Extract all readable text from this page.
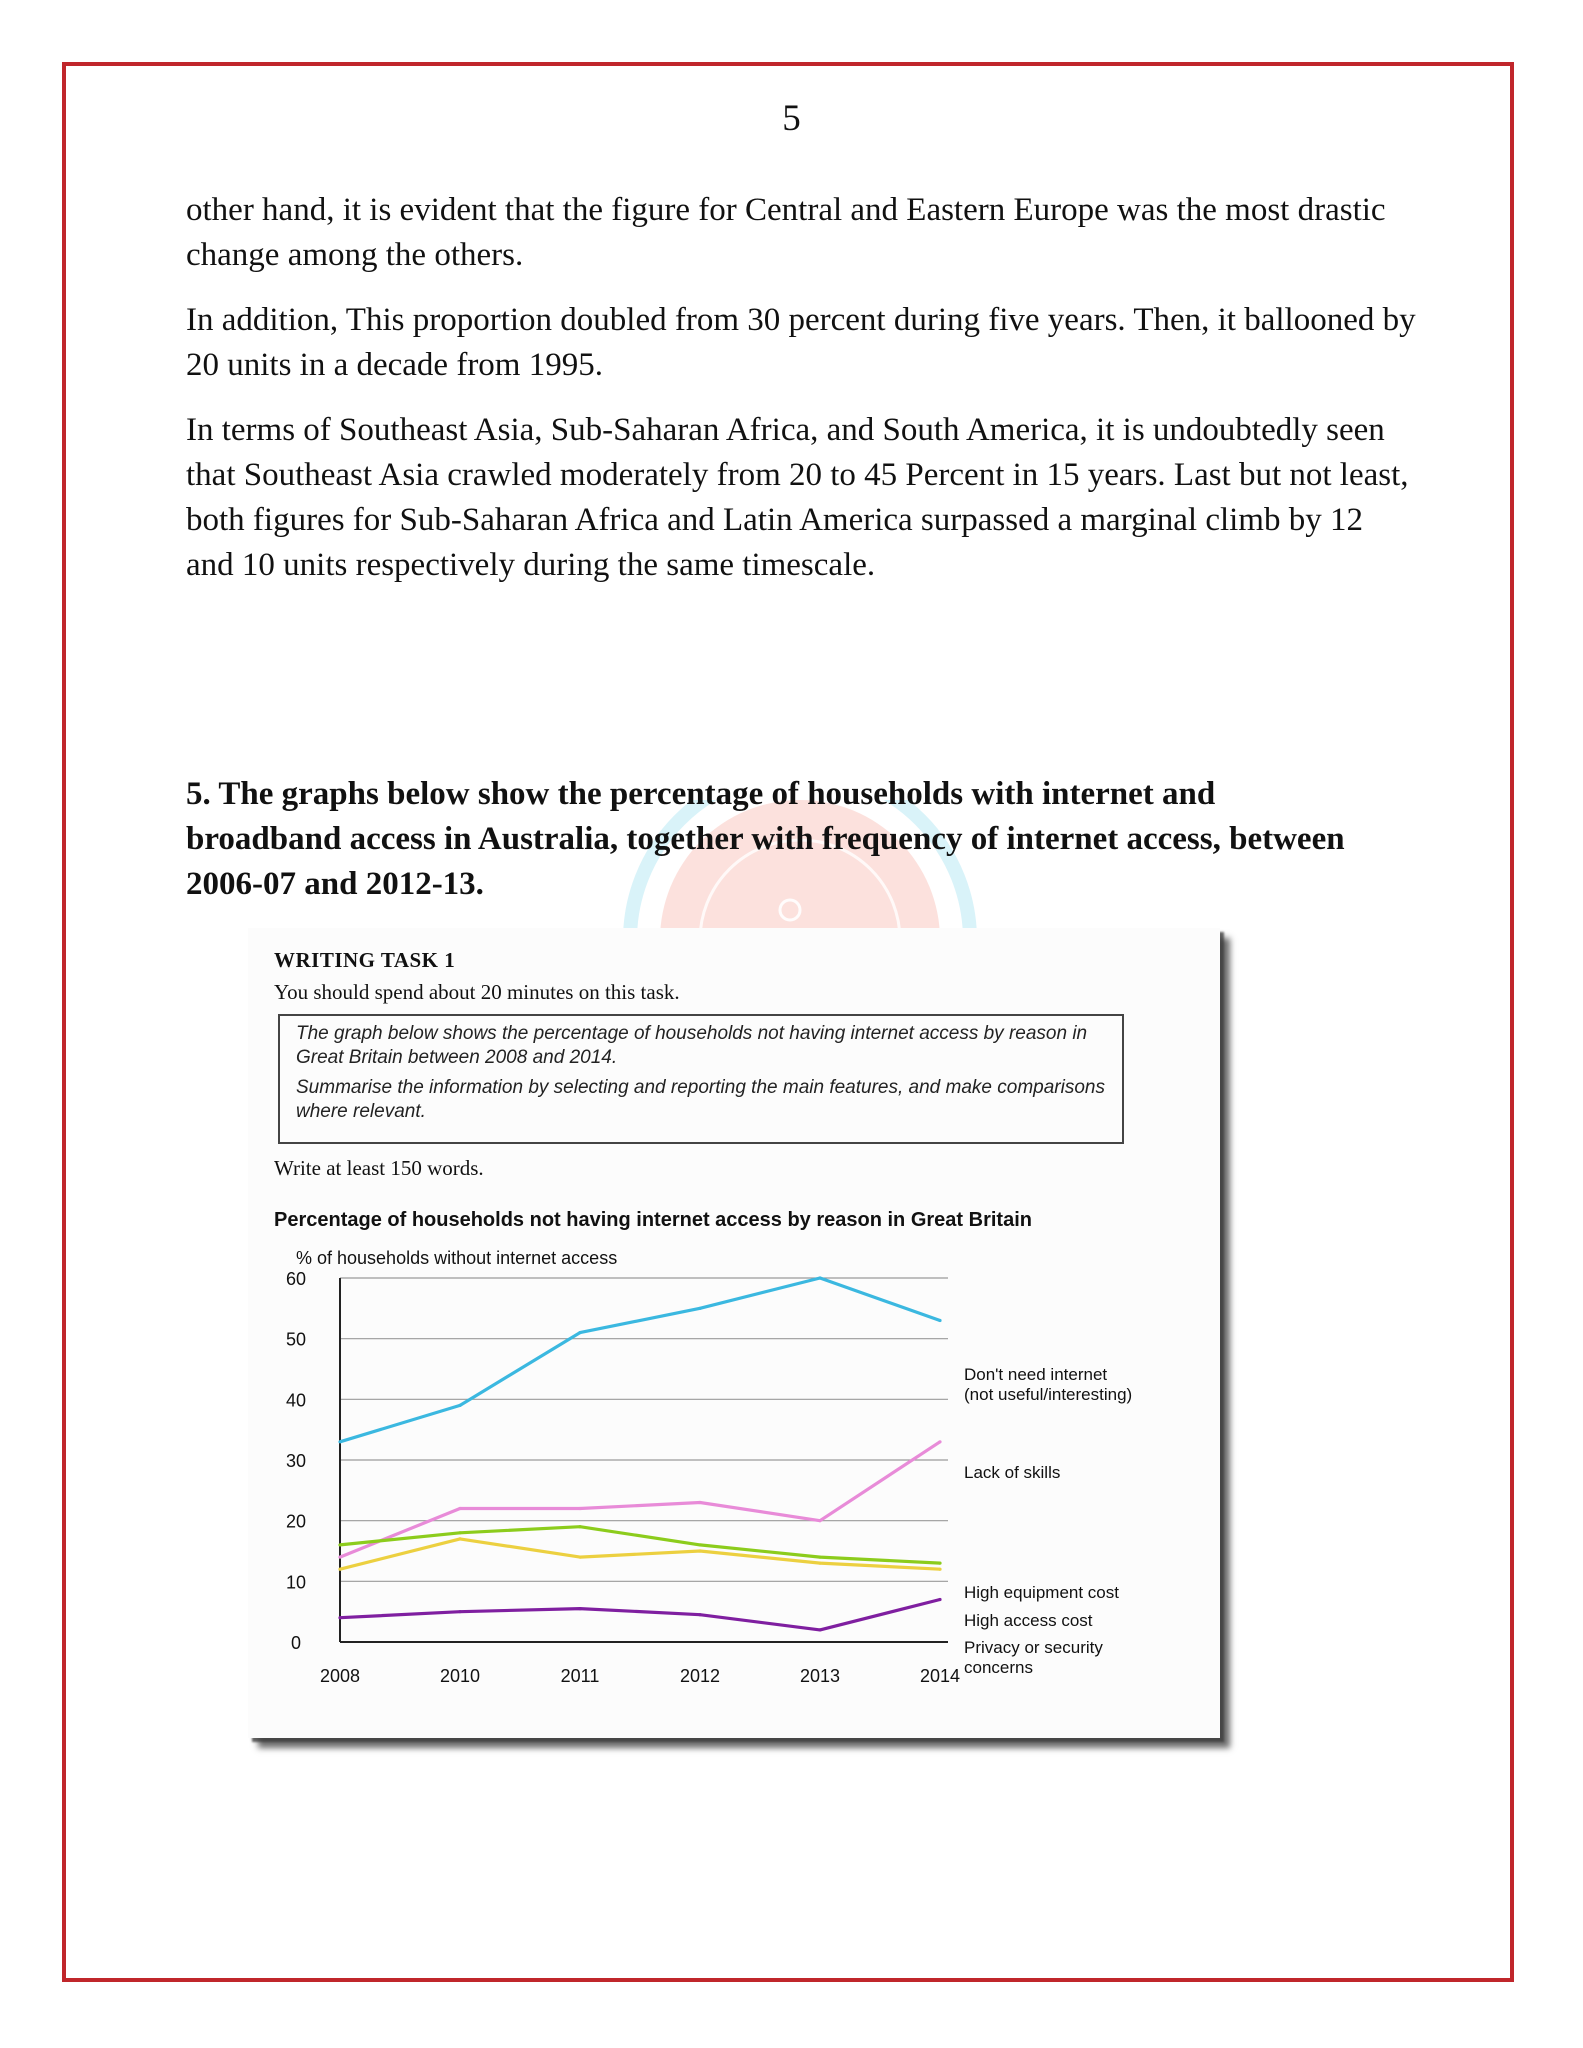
5

other hand, it is evident that the figure for Central and Eastern Europe was the most drastic change among the others.

In addition, This proportion doubled from 30 percent during five years. Then, it ballooned by 20 units in a decade from 1995.

In terms of Southeast Asia, Sub-Saharan Africa, and South America, it is undoubtedly seen that Southeast Asia crawled moderately from 20 to 45 Percent in 15 years. Last but not least, both figures for Sub-Saharan Africa and Latin America surpassed a marginal climb by 12 and 10 units respectively during the same timescale.

5. The graphs below show the percentage of households with internet and broadband access in Australia, together with frequency of internet access, between 2006-07 and 2012-13.

WRITING TASK 1

You should spend about 20 minutes on this task.

The graph below shows the percentage of households not having internet access by reason in Great Britain between 2008 and 2014.

Summarise the information by selecting and reporting the main features, and make comparisons where relevant.

Write at least 150 words.

Percentage of households not having internet access by reason in Great Britain
% of households without internet access
0
10
20
30
40
50
60
2008	2010	2011	2012	2013	2014
Don't need internet
(not useful/interesting)
Lack of skills
High equipment cost
High access cost
Privacy or security
concerns
